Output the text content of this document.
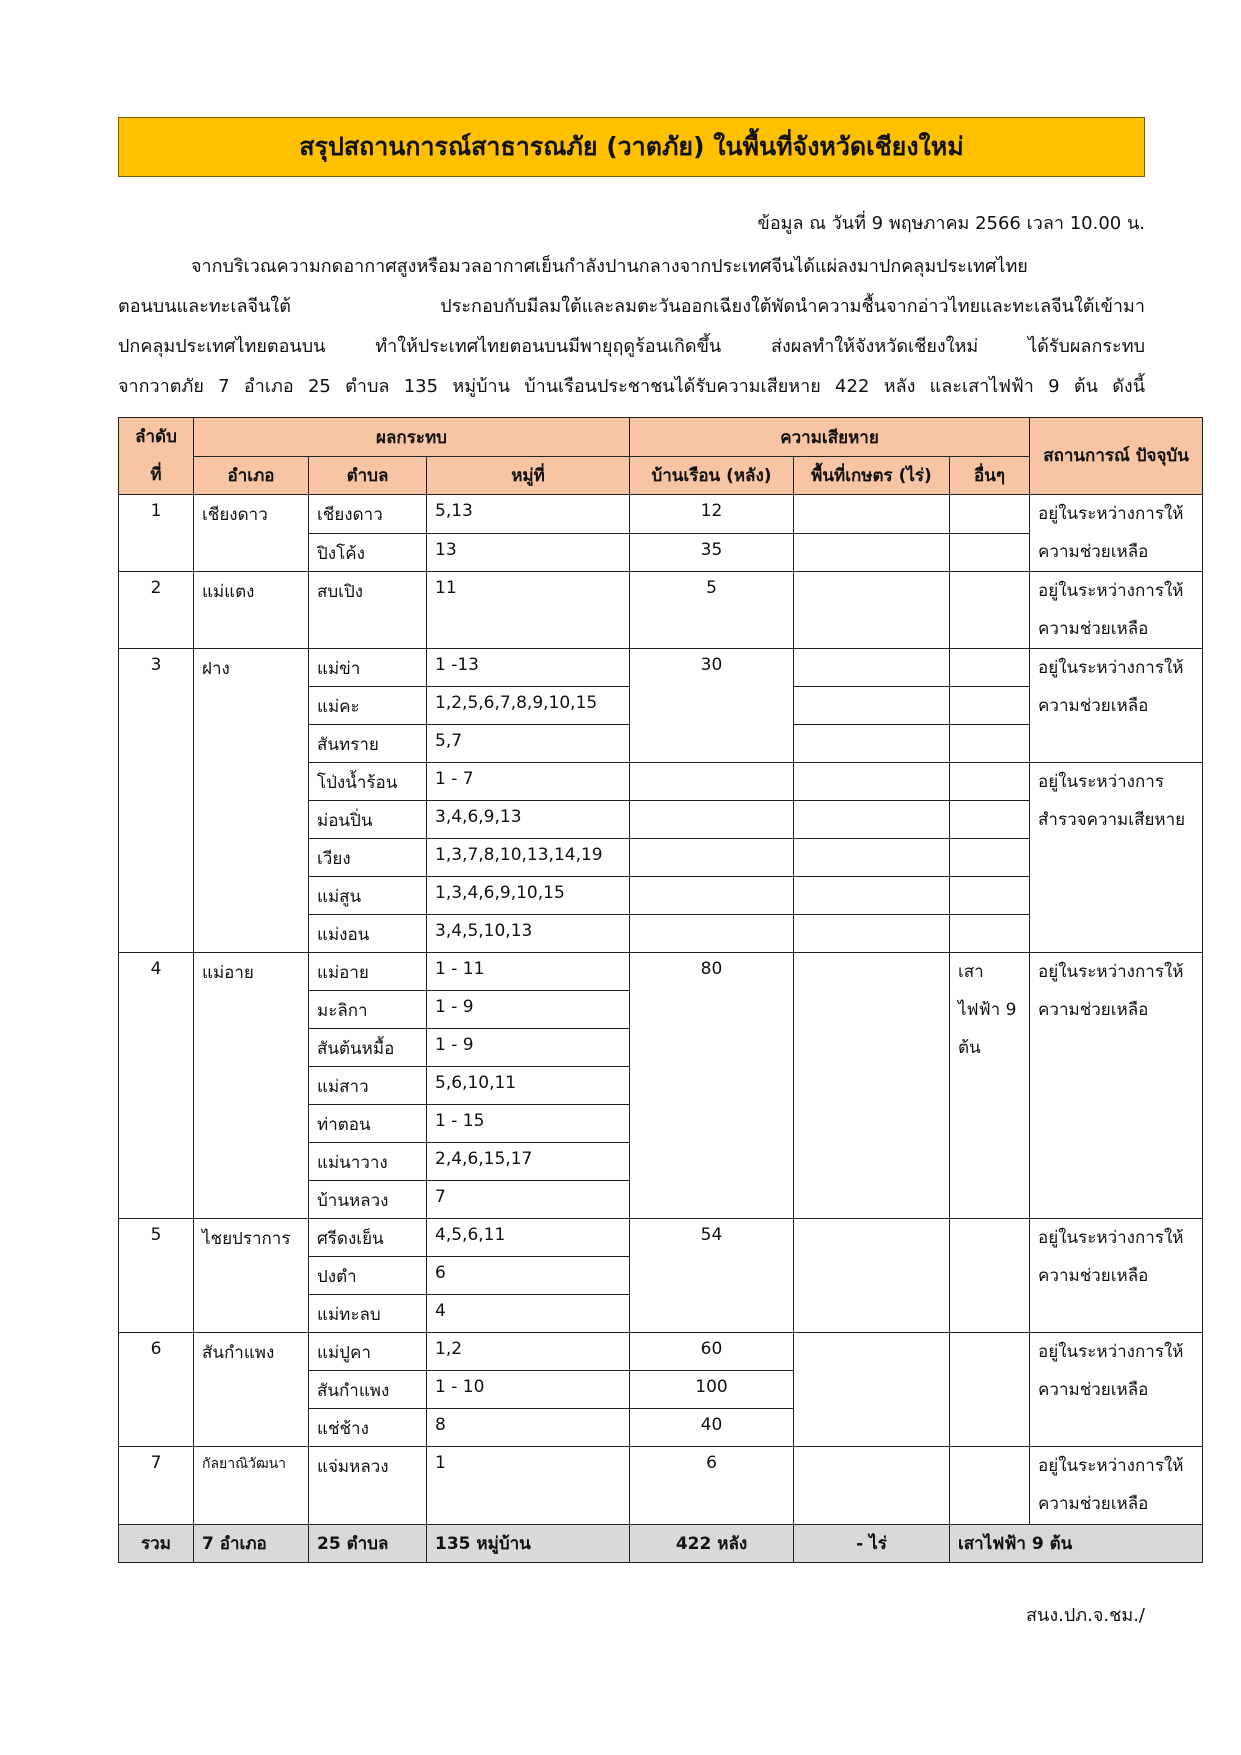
สรุปสถานการณ์สาธารณภัย (วาตภัย) ในพื้นที่จังหวัดเชียงใหม่
ข้อมูล ณ วันที่ 9 พฤษภาคม 2566 เวลา 10.00 น.
จากบริเวณความกดอากาศสูงหรือมวลอากาศเย็นกำลังปานกลางจากประเทศจีนได้แผ่ลงมาปกคลุมประเทศไทย
ตอนบนและทะเลจีนใต้ ประกอบกับมีลมใต้และลมตะวันออกเฉียงใต้พัดนำความชื้นจากอ่าวไทยและทะเลจีนใต้เข้ามา
ปกคลุมประเทศไทยตอนบน ทำให้ประเทศไทยตอนบนมีพายุฤดูร้อนเกิดขึ้น ส่งผลทำให้จังหวัดเชียงใหม่ ได้รับผลกระทบ
จากวาตภัย 7 อำเภอ 25 ตำบล 135 หมู่บ้าน บ้านเรือนประชาชนได้รับความเสียหาย 422 หลัง และเสาไฟฟ้า 9 ต้น ดังนี้
ลำดับ ที่	ผลกระทบ			ความเสียหาย			สถานการณ์ ปัจจุบัน
	อำเภอ	ตำบล	หมู่ที่	บ้านเรือน (หลัง)	พื้นที่เกษตร (ไร่)	อื่นๆ	
1	เชียงดาว	เชียงดาว	5,13	12			อยู่ในระหว่างการให้ความช่วยเหลือ
		ปิงโค้ง	13	35			
2	แม่แตง	สบเปิง	11	5			อยู่ในระหว่างการให้ความช่วยเหลือ
3	ฝาง	แม่ข่า	1 -13	30			อยู่ในระหว่างการให้ความช่วยเหลือ
		แม่คะ	1,2,5,6,7,8,9,10,15				
		สันทราย	5,7				
		โป่งน้ำร้อน	1 - 7				อยู่ในระหว่างการสำรวจความเสียหาย
		ม่อนปิ่น	3,4,6,9,13				
		เวียง	1,3,7,8,10,13,14,19				
		แม่สูน	1,3,4,6,9,10,15				
		แม่งอน	3,4,5,10,13				
4	แม่อาย	แม่อาย	1 - 11	80		เสา ไฟฟ้า 9 ต้น	อยู่ในระหว่างการให้ความช่วยเหลือ
		มะลิกา	1 - 9				
		สันต้นหมื้อ	1 - 9				
		แม่สาว	5,6,10,11				
		ท่าตอน	1 - 15				
		แม่นาวาง	2,4,6,15,17				
		บ้านหลวง	7				
5	ไชยปราการ	ศรีดงเย็น	4,5,6,11	54			อยู่ในระหว่างการให้ความช่วยเหลือ
		ปงตำ	6				
		แม่ทะลบ	4				
6	สันกำแพง	แม่ปูคา	1,2	60			อยู่ในระหว่างการให้ความช่วยเหลือ
		สันกำแพง	1 - 10	100			
		แช่ช้าง	8	40			
7	กัลยาณิวัฒนา	แจ่มหลวง	1	6			อยู่ในระหว่างการให้ความช่วยเหลือ
รวม	7 อำเภอ	25 ตำบล	135 หมู่บ้าน	422 หลัง	- ไร่	เสาไฟฟ้า 9 ต้น	
สนง.ปภ.จ.ชม./
